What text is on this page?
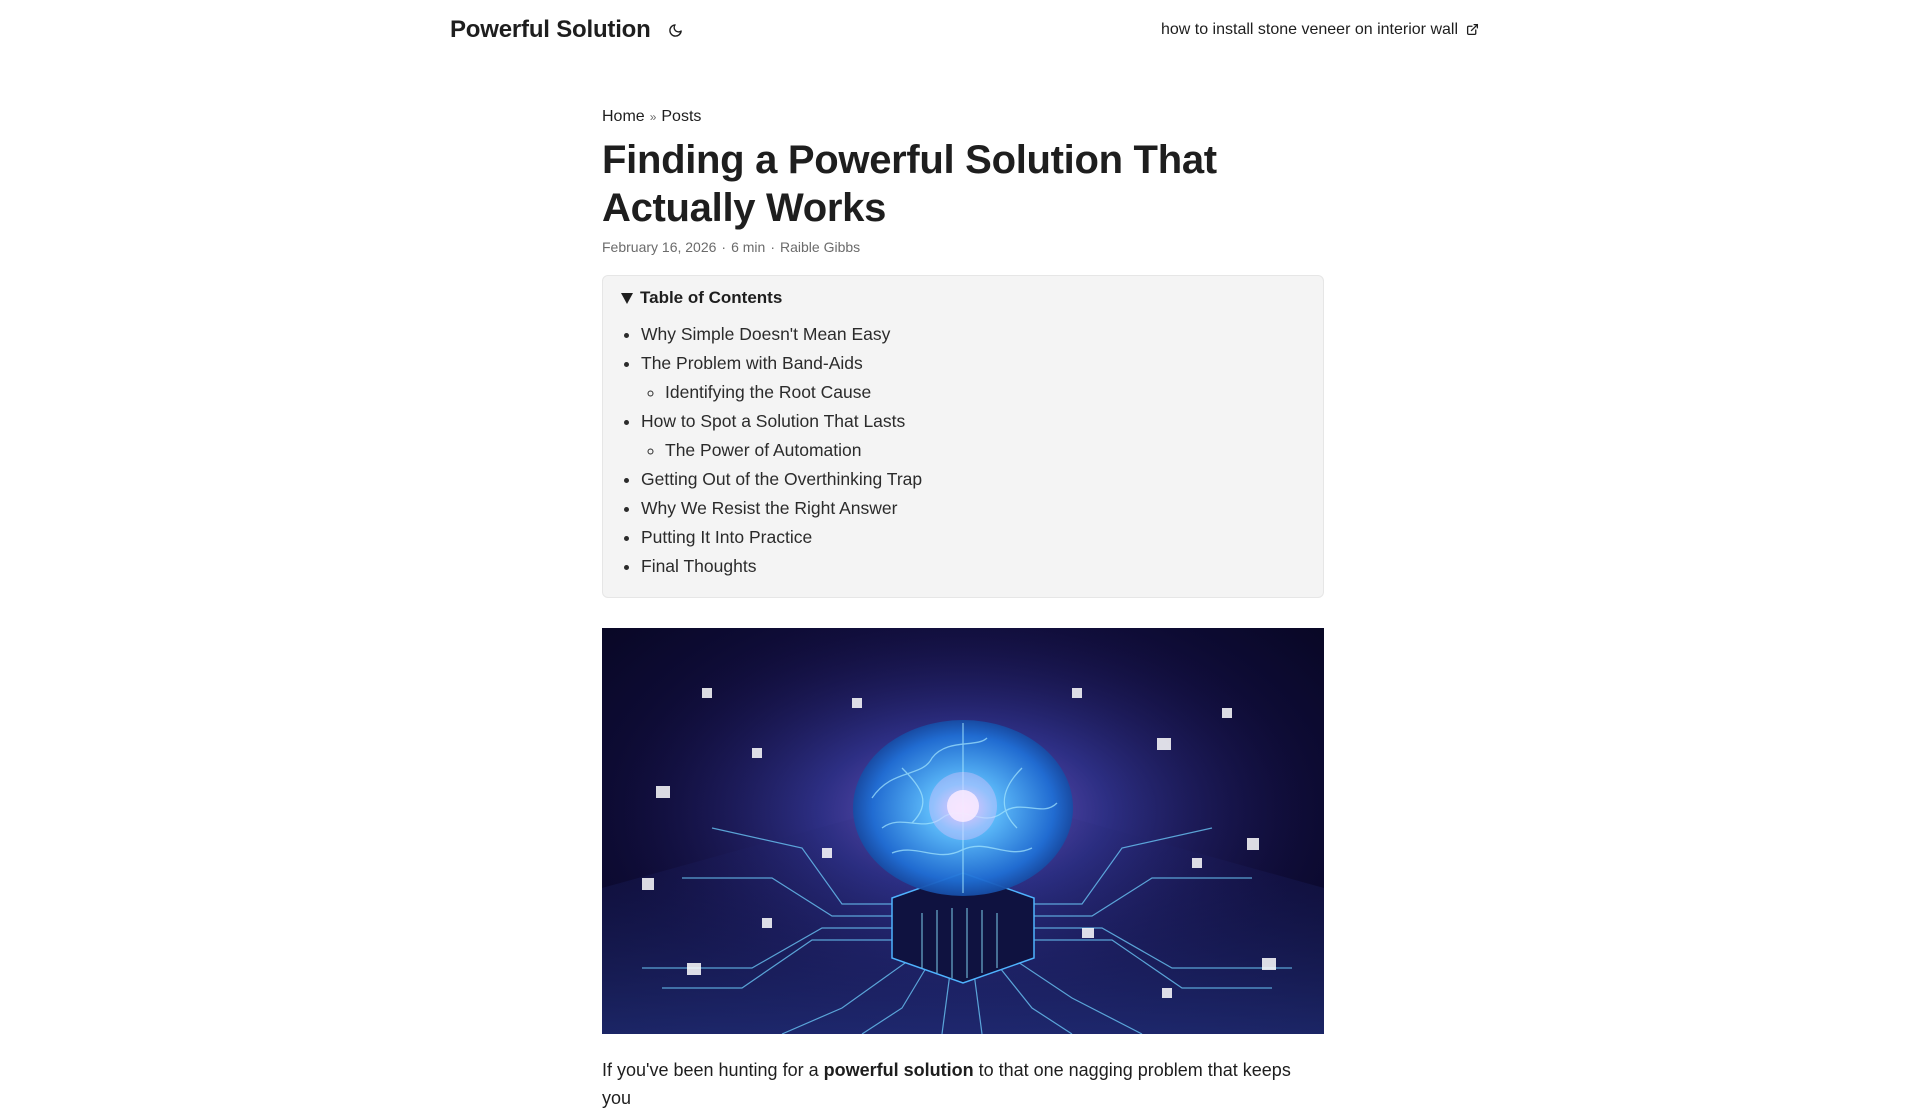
Powerful Solution	how to install stone veneer on interior wall
Home » Posts
Finding a Powerful Solution That Actually Works
February 16, 2026 · 6 min · Raible Gibbs
Table of Contents
• Why Simple Doesn't Mean Easy
• The Problem with Band-Aids
◦ Identifying the Root Cause
• How to Spot a Solution That Lasts
◦ The Power of Automation
• Getting Out of the Overthinking Trap
• Why We Resist the Right Answer
• Putting It Into Practice
• Final Thoughts

If you've been hunting for a powerful solution to that one nagging problem that keeps you
